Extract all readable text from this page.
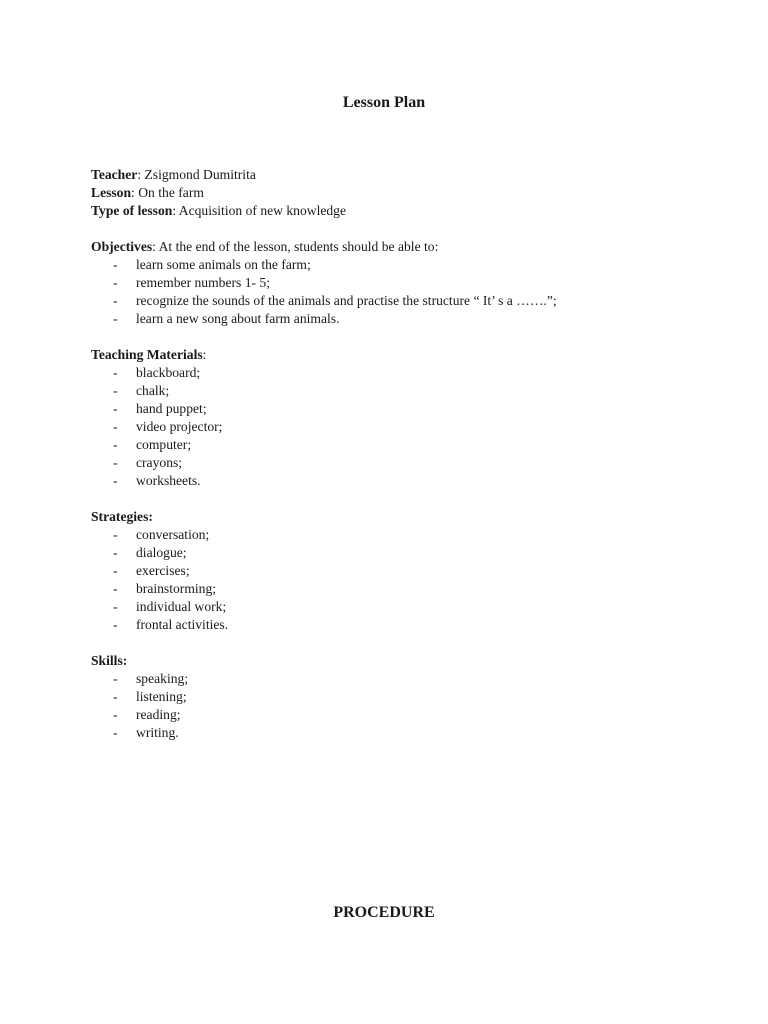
Lesson Plan
Teacher: Zsigmond Dumitrita
Lesson: On the farm
Type of lesson: Acquisition of new knowledge
Objectives: At the end of the lesson, students should be able to:
- learn some animals on the farm;
- remember numbers 1- 5;
- recognize the sounds of the animals and practise the structure “ It’ s a …….”;
- learn a new song about farm animals.
Teaching Materials:
- blackboard;
- chalk;
- hand puppet;
- video projector;
- computer;
- crayons;
- worksheets.
Strategies:
- conversation;
- dialogue;
- exercises;
- brainstorming;
- individual work;
- frontal activities.
Skills:
- speaking;
- listening;
- reading;
- writing.
PROCEDURE
